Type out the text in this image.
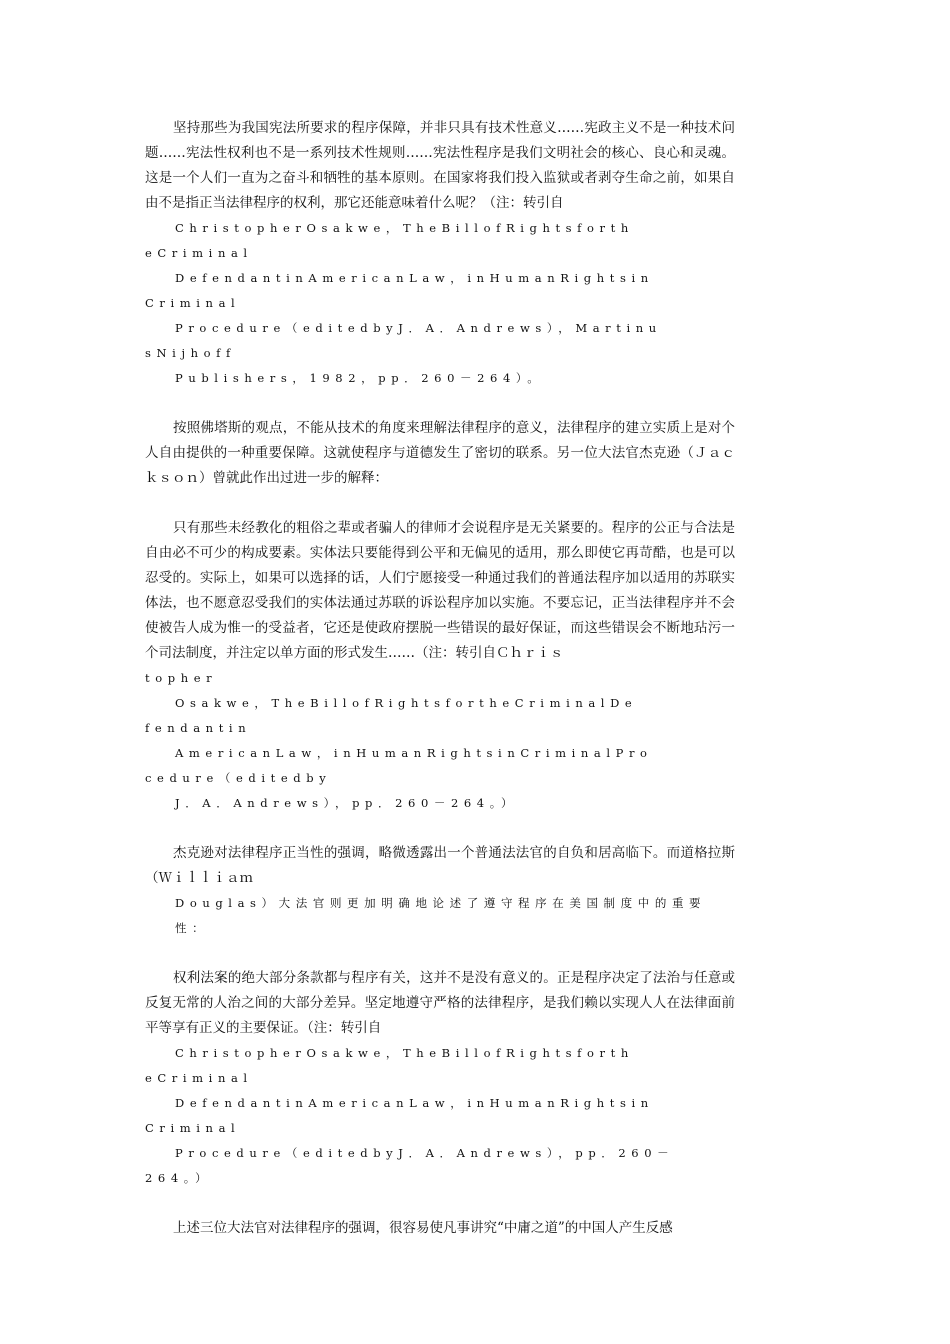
坚持那些为我国宪法所要求的程序保障，并非只具有技术性意义……宪政主义不是一种技术问题……宪法性权利也不是一系列技术性规则……宪法性程序是我们文明社会的核心、良心和灵魂。这是一个人们一直为之奋斗和牺牲的基本原则。在国家将我们投入监狱或者剥夺生命之前，如果自由不是指正当法律程序的权利，那它还能意味着什么呢？（注：转引自

ChristopherOsakwe，TheBillofRightsforth
eCriminal
DefendantinAmericanLaw，inHumanRightsin
Criminal
Procedure（editedbyJ．A．Andrews），Martinu
sNijhoff
Publishers，1982，pp．260－264）。

按照佛塔斯的观点，不能从技术的角度来理解法律程序的意义，法律程序的建立实质上是对个人自由提供的一种重要保障。这就使程序与道德发生了密切的联系。另一位大法官杰克逊（Ｊａｃｋｓｏｎ）曾就此作出过进一步的解释：

只有那些未经教化的粗俗之辈或者骗人的律师才会说程序是无关紧要的。程序的公正与合法是自由必不可少的构成要素。实体法只要能得到公平和无偏见的适用，那么即使它再苛酷，也是可以忍受的。实际上，如果可以选择的话，人们宁愿接受一种通过我们的普通法程序加以适用的苏联实体法，也不愿意忍受我们的实体法通过苏联的诉讼程序加以实施。不要忘记，正当法律程序并不会使被告人成为惟一的受益者，它还是使政府摆脱一些错误的最好保证，而这些错误会不断地玷污一个司法制度，并注定以单方面的形式发生……（注：转引自Ｃｈｒｉｓ

topher
Osakwe，TheBillofRightsfortheCriminalDe
fendantin
AmericanLaw，inHumanRightsinCriminalPro
cedure（editedby
J．A．Andrews），pp．260－264。）

杰克逊对法律程序正当性的强调，略微透露出一个普通法法官的自负和居高临下。而道格拉斯（Ｗｉｌｌｉａｍ

Douglas）大法官则更加明确地论述了遵守程序在美国制度中的重要性：

权利法案的绝大部分条款都与程序有关，这并不是没有意义的。正是程序决定了法治与任意或反复无常的人治之间的大部分差异。坚定地遵守严格的法律程序，是我们赖以实现人人在法律面前平等享有正义的主要保证。（注：转引自

ChristopherOsakwe，TheBillofRightsforth
eCriminal
DefendantinAmericanLaw，inHumanRightsin
Criminal
Procedure（editedbyJ．A．Andrews），pp．260－
264。）

上述三位大法官对法律程序的强调，很容易使凡事讲究“中庸之道”的中国人产生反感
